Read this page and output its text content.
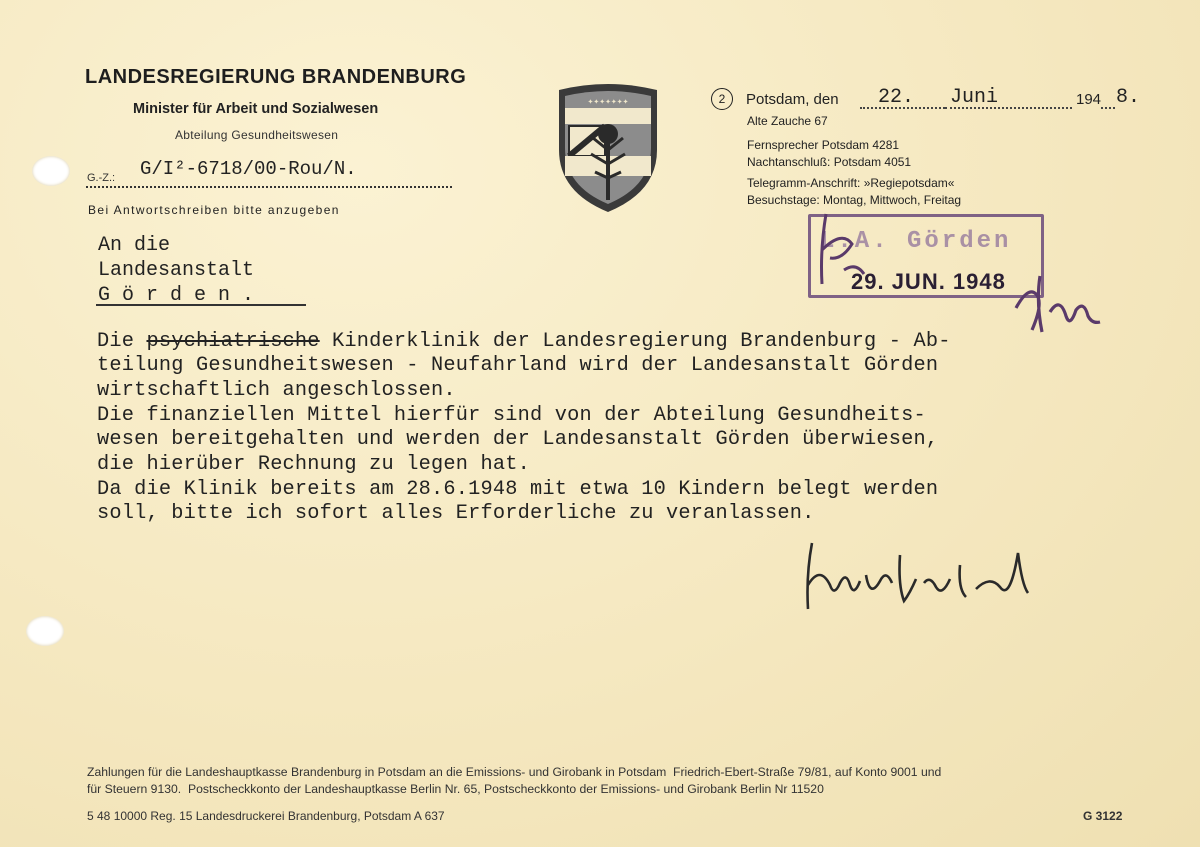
LANDESREGIERUNG BRANDENBURG
Minister für Arbeit und Sozialwesen
Abteilung Gesundheitswesen
G.-Z.: G/I²-6718/00-Rou/N.
Bei Antwortschreiben bitte anzugeben
✦✦✦✦✦✦✦	2	Potsdam, den 22. Juni	194 8.
Alte Zauche 67
Fernsprecher Potsdam 4281
Nachtanschluß: Potsdam 4051
Telegramm-Anschrift: »Regiepotsdam«
Besuchstage: Montag, Mittwoch, Freitag
L.A. Görden
29. JUN. 1948
An die
Landesanstalt
G ö r d e n .
Die psychiatrische Kinderklinik der Landesregierung Brandenburg - Ab-
teilung Gesundheitswesen - Neufahrland wird der Landesanstalt Görden
wirtschaftlich angeschlossen.
Die finanziellen Mittel hierfür sind von der Abteilung Gesundheits-
wesen bereitgehalten und werden der Landesanstalt Görden überwiesen,
die hierüber Rechnung zu legen hat.
Da die Klinik bereits am 28.6.1948 mit etwa 10 Kindern belegt werden
soll, bitte ich sofort alles Erforderliche zu veranlassen.
Zahlungen für die Landeshauptkasse Brandenburg in Potsdam an die Emissions- und Girobank in Potsdam  Friedrich-Ebert-Straße 79/81, auf Konto 9001 und
für Steuern 9130.  Postscheckkonto der Landeshauptkasse Berlin Nr. 65, Postscheckkonto der Emissions- und Girobank Berlin Nr 11520
5 48 10000 Reg. 15 Landesdruckerei Brandenburg, Potsdam A 637	G 3122
